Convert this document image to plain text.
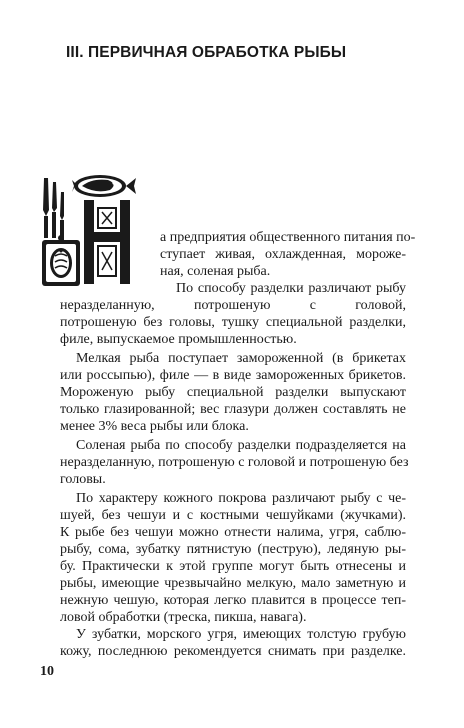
III. ПЕРВИЧНАЯ ОБРАБОТКА РЫБЫ
а предприятия общественного питания по-
ступает живая, охлажденная, мороже-
ная, соленая рыба.
По способу разделки различают рыбу
неразделанную, потрошеную с головой,
потрошеную без головы, тушку специальной разделки,
филе, выпускаемое промышленностью.
Мелкая рыба поступает замороженной (в брикетах
или россыпью), филе — в виде замороженных брикетов.
Мороженую рыбу специальной разделки выпускают
только глазированной; вес глазури должен составлять не
менее 3% веса рыбы или блока.
Соленая рыба по способу разделки подразделяется на
неразделанную, потрошеную с головой и потрошеную без
головы.
По характеру кожного покрова различают рыбу с че-
шуей, без чешуи и с костными чешуйками (жучками).
К рыбе без чешуи можно отнести налима, угря, саблю-
рыбу, сома, зубатку пятнистую (пеструю), ледяную ры-
бу. Практически к этой группе могут быть отнесены и
рыбы, имеющие чрезвычайно мелкую, мало заметную и
нежную чешую, которая легко плавится в процессе теп-
ловой обработки (треска, пикша, навага).
У зубатки, морского угря, имеющих толстую грубую
кожу, последнюю рекомендуется снимать при разделке.
10
